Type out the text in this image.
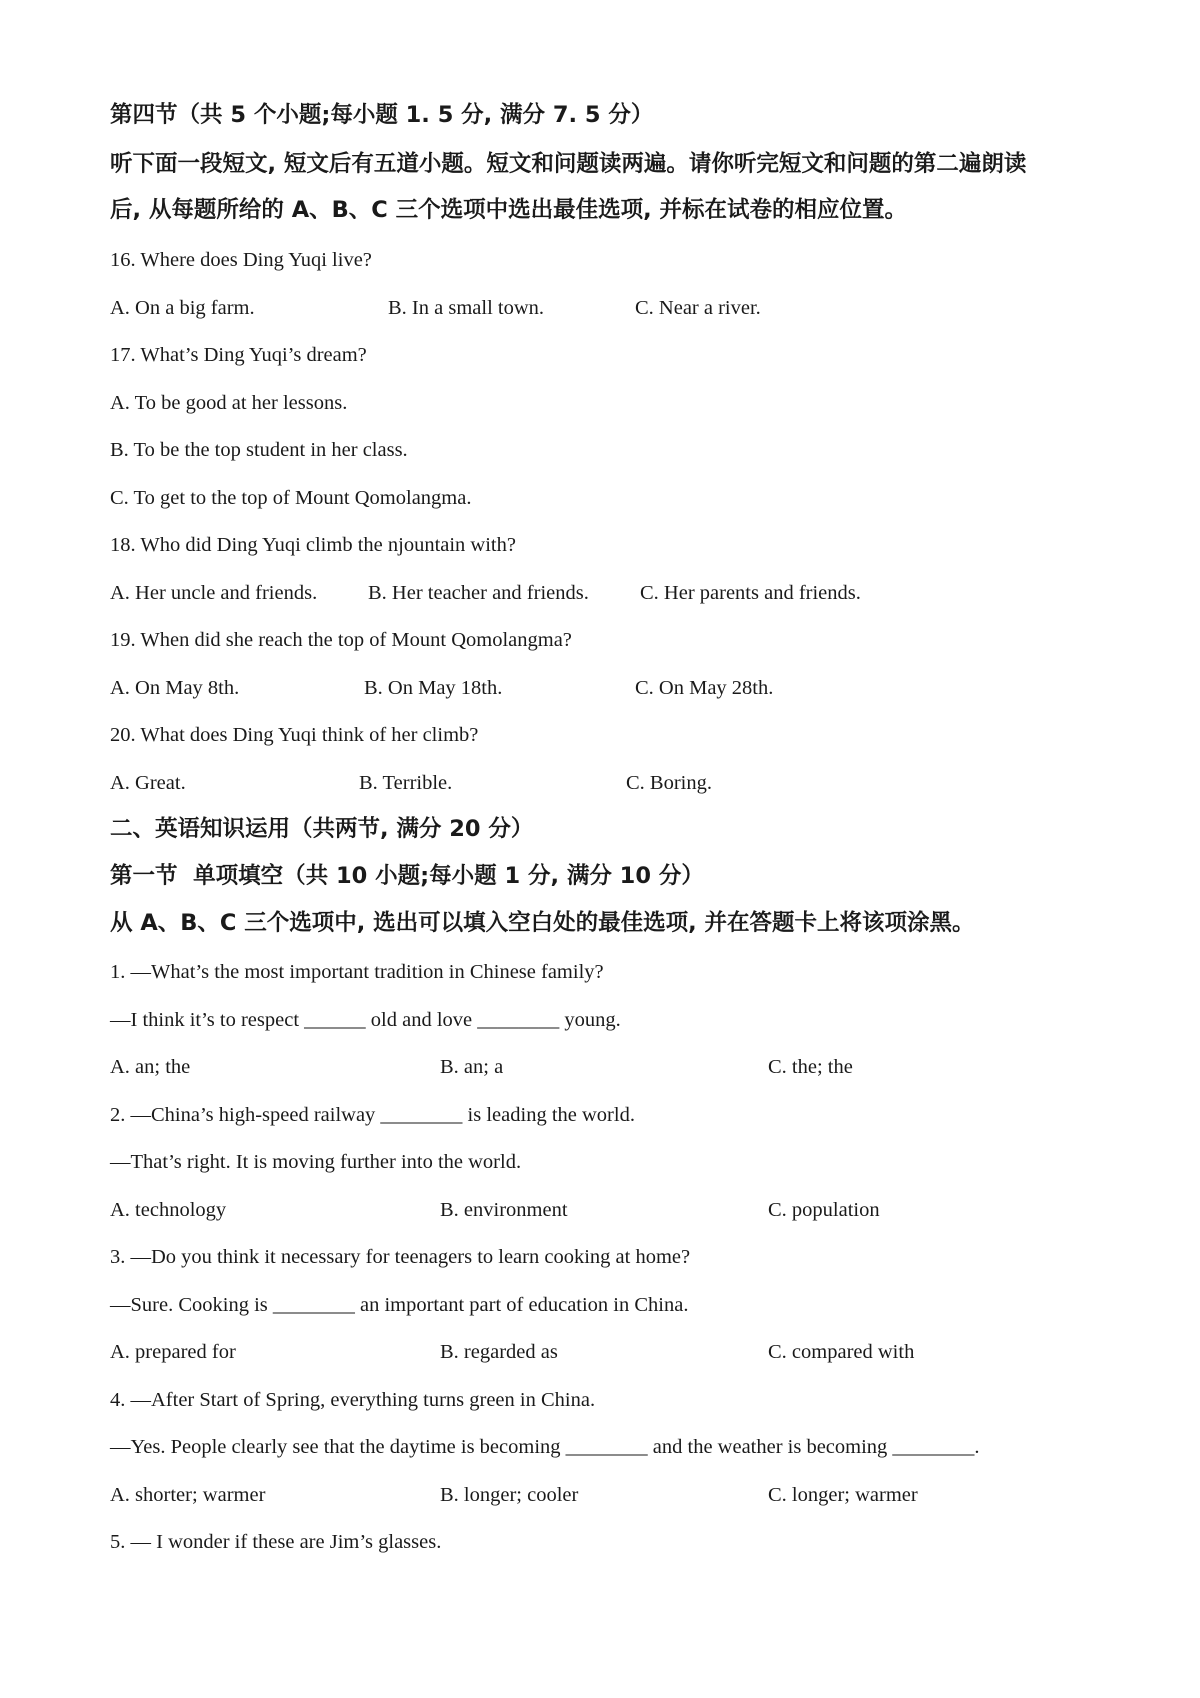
第四节（共 5 个小题;每小题 1. 5 分, 满分 7. 5 分）
听下面一段短文, 短文后有五道小题。短文和问题读两遍。请你听完短文和问题的第二遍朗读
后, 从每题所给的 A、B、C 三个选项中选出最佳选项, 并标在试卷的相应位置。
16. Where does Ding Yuqi live?
A. On a big farm.	B. In a small town.	C. Near a river.
17. What’s Ding Yuqi’s dream?
A. To be good at her lessons.
B. To be the top student in her class.
C. To get to the top of Mount Qomolangma.
18. Who did Ding Yuqi climb the njountain with?
A. Her uncle and friends. B. Her teacher and friends. C. Her parents and friends.
19. When did she reach the top of Mount Qomolangma?
A. On May 8th.	B. On May 18th.	C. On May 28th.
20. What does Ding Yuqi think of her climb?
A. Great.	B. Terrible.	C. Boring.
二、英语知识运用（共两节, 满分 20 分）
第一节  单项填空（共 10 小题;每小题 1 分, 满分 10 分）
从 A、B、C 三个选项中, 选出可以填入空白处的最佳选项, 并在答题卡上将该项涂黑。
1. —What’s the most important tradition in Chinese family?
—I think it’s to respect ______ old and love ________ young.
A. an; the	B. an; a	C. the; the
2. —China’s high-speed railway ________ is leading the world.
—That’s right. It is moving further into the world.
A. technology	B. environment	C. population
3. —Do you think it necessary for teenagers to learn cooking at home?
—Sure. Cooking is ________ an important part of education in China.
A. prepared for	B. regarded as	C. compared with
4. —After Start of Spring, everything turns green in China.
—Yes. People clearly see that the daytime is becoming ________ and the weather is becoming ________.
A. shorter; warmer	B. longer; cooler	C. longer; warmer
5. — I wonder if these are Jim’s glasses.
